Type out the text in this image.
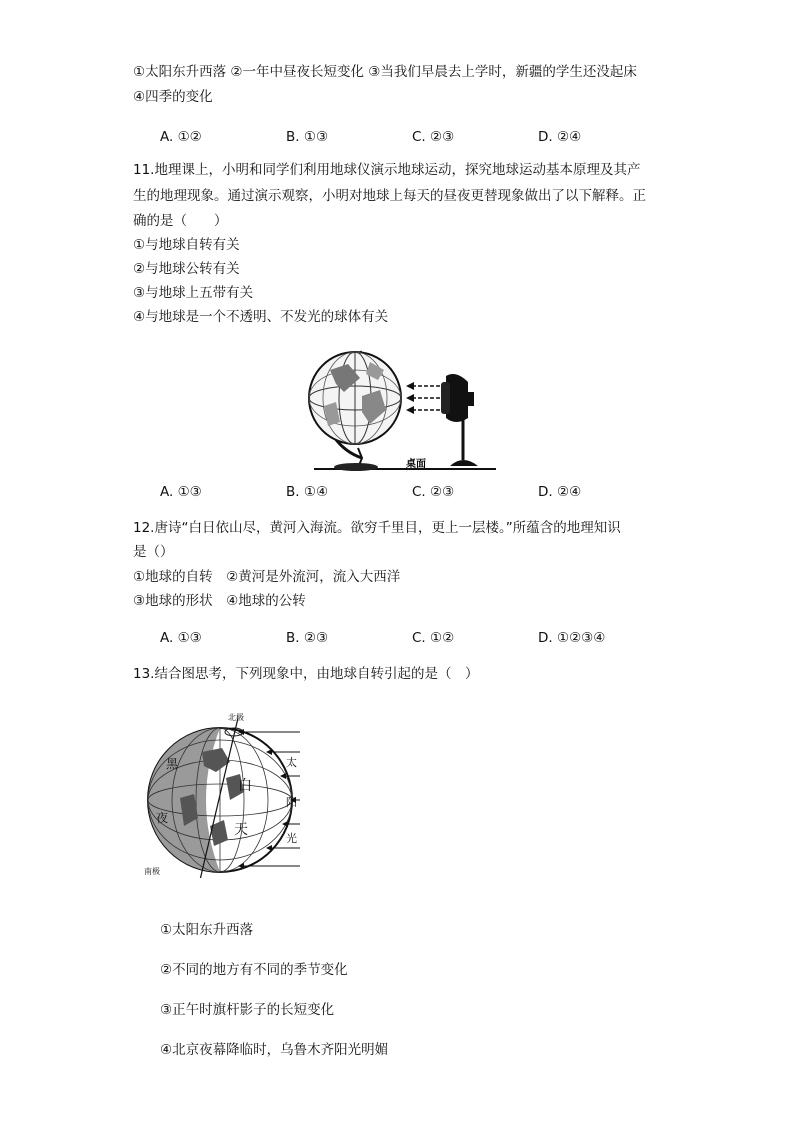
①太阳东升西落 ②一年中昼夜长短变化 ③当我们早晨去上学时，新疆的学生还没起床
④四季的变化
A. ①②	B. ①③	C. ②③	D. ②④
11.地理课上，小明和同学们利用地球仪演示地球运动，探究地球运动基本原理及其产
生的地理现象。通过演示观察，小明对地球上每天的昼夜更替现象做出了以下解释。正
确的是（　　）
①与地球自转有关
②与地球公转有关
③与地球上五带有关
④与地球是一个不透明、不发光的球体有关
桌面
A. ①③	B. ①④	C. ②③	D. ②④
12.唐诗“白日依山尽，黄河入海流。欲穷千里目，更上一层楼。”所蕴含的地理知识
是（）
①地球的自转　②黄河是外流河，流入大西洋
③地球的形状　④地球的公转
A. ①③	B. ②③	C. ①②	D. ①②③④
13.结合图思考，下列现象中，由地球自转引起的是（　）
北极
南极
黑
夜
白
天
太
阳
光
①太阳东升西落
②不同的地方有不同的季节变化
③正午时旗杆影子的长短变化
④北京夜幕降临时，乌鲁木齐阳光明媚
